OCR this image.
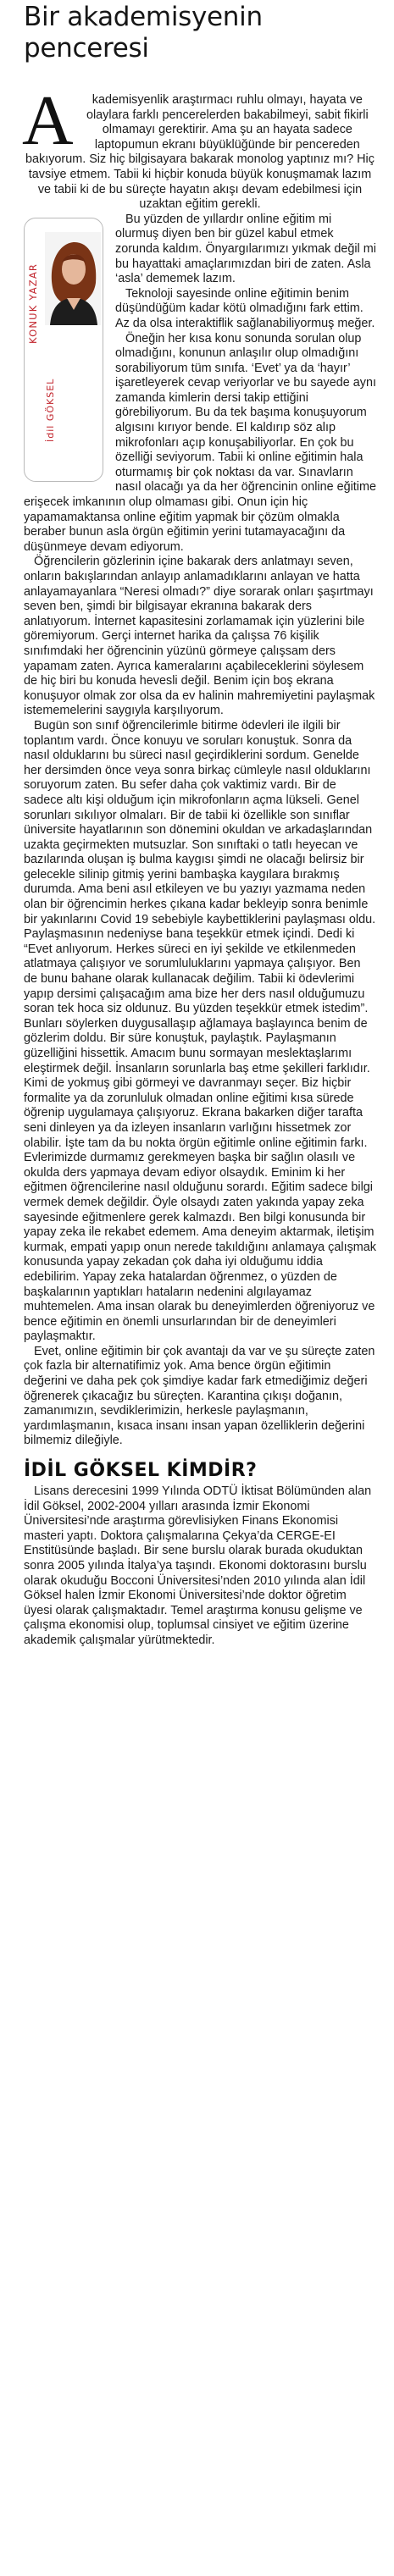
Bir akademisyenin penceresi

A kademisyenlik araştırmacı ruhlu olmayı, hayata ve olaylara farklı pencerelerden bakabilmeyi, sabit fikirli olmamayı gerektirir. Ama şu an hayata sadece laptopumun ekranı büyüklüğünde bir pencereden bakıyorum. Siz hiç bilgisayara bakarak monolog yaptınız mı? Hiç tavsiye etmem. Tabii ki hiçbir konuda büyük konuşmamak lazım ve tabii ki de bu süreçte hayatın akışı devam edebilmesi için uzaktan eğitim gerekli.

KONUK YAZAR
İdil GÖKSEL

Bu yüzden de yıllardır online eğitim mi olurmuş diyen ben bir güzel kabul etmek zorunda kaldım. Önyargılarımızı yıkmak değil mi bu hayattaki amaçlarımızdan biri de zaten. Asla ‘asla’ dememek lazım.

Teknoloji sayesinde online eğitimin benim düşündüğüm kadar kötü olmadığını fark ettim. Az da olsa interaktiflik sağlanabiliyormuş meğer.

Öneğin her kısa konu sonunda sorulan olup olmadığını, konunun anlaşılır olup olmadığını sorabiliyorum tüm sınıfa. ‘Evet’ ya da ‘hayır’ işaretleyerek cevap veriyorlar ve bu sayede aynı zamanda kimlerin dersi takip ettiğini görebiliyorum. Bu da tek başıma konuşuyorum algısını kırıyor bende. El kaldırıp söz alıp mikrofonları açıp konuşabiliyorlar. En çok bu özelliği seviyorum. Tabii ki online eğitimin hala oturmamış bir çok noktası da var. Sınavların nasıl olacağı ya da her öğrencinin online eğitime erişecek imkanının olup olmaması gibi. Onun için hiç yapamamaktansa online eğitim yapmak bir çözüm olmakla beraber bunun asla örgün eğitimin yerini tutamayacağını da düşünmeye devam ediyorum.

Öğrencilerin gözlerinin içine bakarak ders anlatmayı seven, onların bakışlarından anlayıp anlamadıklarını anlayan ve hatta anlayamayanlara “Neresi olmadı?” diye sorarak onları şaşırtmayı seven ben, şimdi bir bilgisayar ekranına bakarak ders anlatıyorum. İnternet kapasitesini zorlamamak için yüzlerini bile göremiyorum. Gerçi internet harika da çalışsa 76 kişilik sınıfımdaki her öğrencinin yüzünü görmeye çalışsam ders yapamam zaten. Ayrıca kameralarını açabileceklerini söylesem de hiç biri bu konuda hevesli değil. Benim için boş ekrana konuşuyor olmak zor olsa da ev halinin mahremiyetini paylaşmak istememelerini saygıyla karşılıyorum.

Bugün son sınıf öğrencilerimle bitirme ödevleri ile ilgili bir toplantım vardı. Önce konuyu ve soruları konuştuk. Sonra da nasıl olduklarını bu süreci nasıl geçirdiklerini sordum. Genelde her dersimden önce veya sonra birkaç cümleyle nasıl olduklarını soruyorum zaten. Bu sefer daha çok vaktimiz vardı. Bir de sadece altı kişi olduğum için mikrofonların açma lükseli. Genel sorunları sıkılıyor olmaları. Bir de tabii ki özellikle son sınıflar üniversite hayatlarının son dönemini okuldan ve arkadaşlarından uzakta geçirmekten mutsuzlar. Son sınıftaki o tatlı heyecan ve bazılarında oluşan iş bulma kaygısı şimdi ne olacağı belirsiz bir gelecekle silinip gitmiş yerini bambaşka kaygılara bırakmış durumda. Ama beni asıl etkileyen ve bu yazıyı yazmama neden olan bir öğrencimin herkes çıkana kadar bekleyip sonra benimle bir yakınlarını Covid 19 sebebiyle kaybettiklerini paylaşması oldu. Paylaşmasının nedeniyse bana teşekkür etmek içindi. Dedi ki “Evet anlıyorum. Herkes süreci en iyi şekilde ve etkilenmeden atlatmaya çalışıyor ve sorumluluklarını yapmaya çalışıyor. Ben de bunu bahane olarak kullanacak değilim. Tabii ki ödevlerimi yapıp dersimi çalışacağım ama bize her ders nasıl olduğumuzu soran tek hoca siz oldunuz. Bu yüzden teşekkür etmek istedim”. Bunları söylerken duygusallaşıp ağlamaya başlayınca benim de gözlerim doldu. Bir süre konuştuk, paylaştık. Paylaşmanın güzelliğini hissettik. Amacım bunu sormayan meslektaşlarımı eleştirmek değil. İnsanların sorunlarla baş etme şekilleri farklıdır. Kimi de yokmuş gibi görmeyi ve davranmayı seçer. Biz hiçbir formalite ya da zorunluluk olmadan online eğitimi kısa sürede öğrenip uygulamaya çalışıyoruz. Ekrana bakarken diğer tarafta seni dinleyen ya da izleyen insanların varlığını hissetmek zor olabilir. İşte tam da bu nokta örgün eğitimle online eğitimin farkı. Evlerimizde durmamız gerekmeyen başka bir sağlın olasılı ve okulda ders yapmaya devam ediyor olsaydık. Eminim ki her eğitmen öğrencilerine nasıl olduğunu sorardı. Eğitim sadece bilgi vermek demek değildir. Öyle olsaydı zaten yakında yapay zeka sayesinde eğitmenlere gerek kalmazdı. Ben bilgi konusunda bir yapay zeka ile rekabet edemem. Ama deneyim aktarmak, iletişim kurmak, empati yapıp onun nerede takıldığını anlamaya çalışmak konusunda yapay zekadan çok daha iyi olduğumu iddia edebilirim. Yapay zeka hatalardan öğrenmez, o yüzden de başkalarının yaptıkları hataların nedenini algılayamaz muhtemelen. Ama insan olarak bu deneyimlerden öğreniyoruz ve bence eğitimin en önemli unsurlarından bir de deneyimleri paylaşmaktır.

Evet, online eğitimin bir çok avantajı da var ve şu süreçte zaten çok fazla bir alternatifimiz yok. Ama bence örgün eğitimin değerini ve daha pek çok şimdiye kadar fark etmediğimiz değeri öğrenerek çıkacağız bu süreçten. Karantina çıkışı doğanın, zamanımızın, sevdiklerimizin, herkesle paylaşmanın, yardımlaşmanın, kısaca insanı insan yapan özelliklerin değerini bilmemiz dileğiyle.

İDİL GÖKSEL KİMDİR?

Lisans derecesini 1999 Yılında ODTÜ İktisat Bölümünden alan İdil Göksel, 2002-2004 yılları arasında İzmir Ekonomi Üniversitesi’nde araştırma görevlisiyken Finans Ekonomisi masteri yaptı. Doktora çalışmalarına Çekya’da CERGE-EI Enstitüsünde başladı. Bir sene burslu olarak burada okuduktan sonra 2005 yılında İtalya’ya taşındı. Ekonomi doktorasını burslu olarak okuduğu Bocconi Üniversitesi’nden 2010 yılında alan İdil Göksel halen İzmir Ekonomi Üniversitesi’nde doktor öğretim üyesi olarak çalışmaktadır. Temel araştırma konusu gelişme ve çalışma ekonomisi olup, toplumsal cinsiyet ve eğitim üzerine akademik çalışmalar yürütmektedir.
